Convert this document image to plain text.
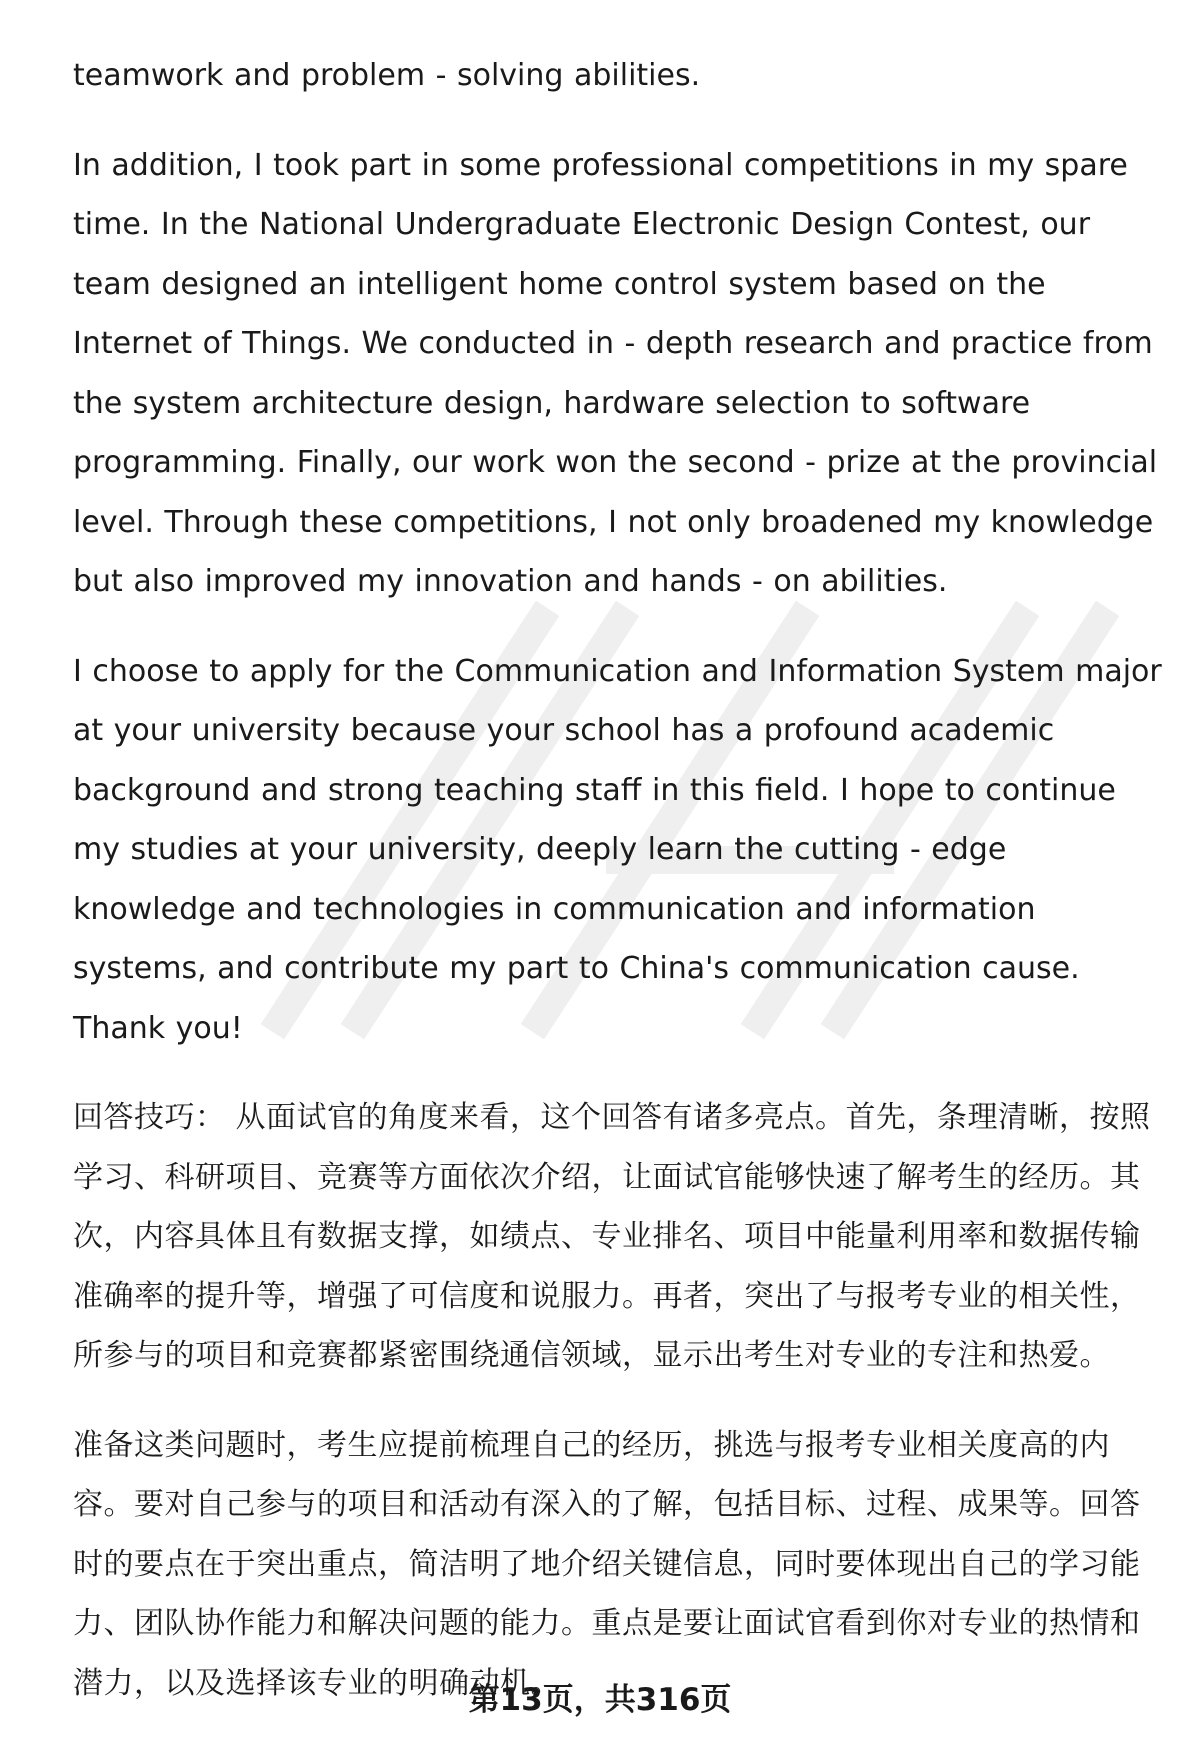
teamwork and problem - solving abilities.

In addition, I took part in some professional competitions in my spare time. In the National Undergraduate Electronic Design Contest, our team designed an intelligent home control system based on the Internet of Things. We conducted in - depth research and practice from the system architecture design, hardware selection to software programming. Finally, our work won the second - prize at the provincial level. Through these competitions, I not only broadened my knowledge but also improved my innovation and hands - on abilities.

I choose to apply for the Communication and Information System major at your university because your school has a profound academic background and strong teaching staff in this field. I hope to continue my studies at your university, deeply learn the cutting - edge knowledge and technologies in communication and information systems, and contribute my part to China's communication cause. Thank you!

回答技巧： 从面试官的角度来看，这个回答有诸多亮点。首先，条理清晰，按照学习、科研项目、竞赛等方面依次介绍，让面试官能够快速了解考生的经历。其次，内容具体且有数据支撑，如绩点、专业排名、项目中能量利用率和数据传输准确率的提升等，增强了可信度和说服力。再者，突出了与报考专业的相关性，所参与的项目和竞赛都紧密围绕通信领域，显示出考生对专业的专注和热爱。

准备这类问题时，考生应提前梳理自己的经历，挑选与报考专业相关度高的内容。要对自己参与的项目和活动有深入的了解，包括目标、过程、成果等。回答时的要点在于突出重点，简洁明了地介绍关键信息，同时要体现出自己的学习能力、团队协作能力和解决问题的能力。重点是要让面试官看到你对专业的热情和潜力，以及选择该专业的明确动机。

第13页，共316页
